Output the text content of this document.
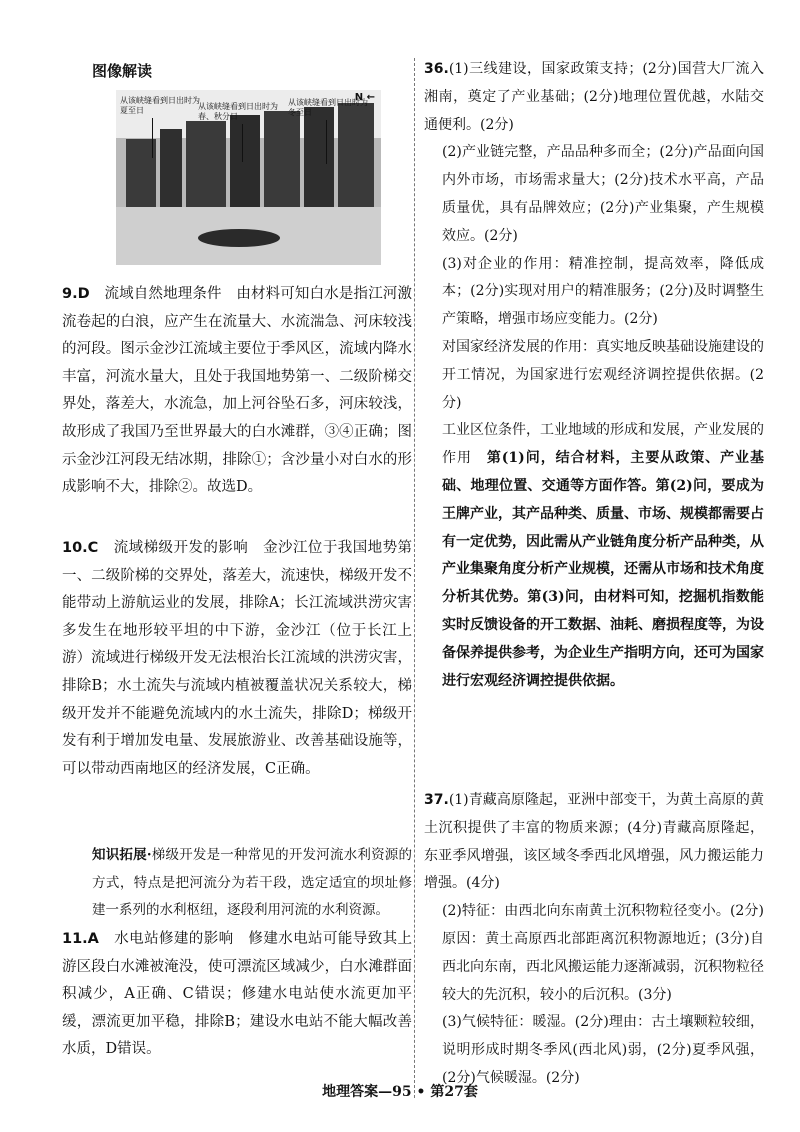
图像解读
从该峡缝看到日出时为夏至日	从该峡缝看到日出时为春、秋分日
从该峡缝看到日出时为冬至日
N ←
9.D　 流域自然地理条件　由材料可知白水是指江河激流卷起的白浪，应产生在流量大、水流湍急、河床较浅的河段。图示金沙江流域主要位于季风区，流域内降水丰富，河流水量大，且处于我国地势第一、二级阶梯交界处，落差大，水流急，加上河谷坠石多，河床较浅，故形成了我国乃至世界最大的白水滩群，③④正确；图示金沙江河段无结冰期，排除①；含沙量小对白水的形成影响不大，排除②。故选D。
10.C　 流域梯级开发的影响　金沙江位于我国地势第一、二级阶梯的交界处，落差大，流速快，梯级开发不能带动上游航运业的发展，排除A；长江流域洪涝灾害多发生在地形较平坦的中下游，金沙江（位于长江上游）流域进行梯级开发无法根治长江流域的洪涝灾害，排除B；水土流失与流域内植被覆盖状况关系较大，梯级开发并不能避免流域内的水土流失，排除D；梯级开发有利于增加发电量、发展旅游业、改善基础设施等，可以带动西南地区的经济发展，C正确。
知识拓展·梯级开发是一种常见的开发河流水利资源的方式，特点是把河流分为若干段，选定适宜的坝址修建一系列的水利枢纽，逐段利用河流的水利资源。
11.A　 水电站修建的影响　修建水电站可能导致其上游区段白水滩被淹没，使可漂流区域减少，白水滩群面积减少，A正确、C错误；修建水电站使水流更加平缓，漂流更加平稳，排除B；建设水电站不能大幅改善水质，D错误。
36.(1)三线建设，国家政策支持；(2分)国营大厂流入湘南，奠定了产业基础；(2分)地理位置优越，水陆交通便利。(2分)
(2)产业链完整，产品品种多而全；(2分)产品面向国内外市场，市场需求量大；(2分)技术水平高，产品质量优，具有品牌效应；(2分)产业集聚，产生规模效应。(2分)
(3)对企业的作用：精准控制，提高效率，降低成本；(2分)实现对用户的精准服务；(2分)及时调整生产策略，增强市场应变能力。(2分)
对国家经济发展的作用：真实地反映基础设施建设的开工情况，为国家进行宏观经济调控提供依据。(2分)
工业区位条件，工业地域的形成和发展，产业发展的作用　第(1)问，结合材料，主要从政策、产业基础、地理位置、交通等方面作答。第(2)问，要成为王牌产业，其产品种类、质量、市场、规模都需要占有一定优势，因此需从产业链角度分析产品种类，从产业集聚角度分析产业规模，还需从市场和技术角度分析其优势。第(3)问，由材料可知，挖掘机指数能实时反馈设备的开工数据、油耗、磨损程度等，为设备保养提供参考，为企业生产指明方向，还可为国家进行宏观经济调控提供依据。
37.(1)青藏高原隆起，亚洲中部变干，为黄土高原的黄土沉积提供了丰富的物质来源；(4分)青藏高原隆起，东亚季风增强，该区域冬季西北风增强，风力搬运能力增强。(4分)
(2)特征：由西北向东南黄土沉积物粒径变小。(2分)原因：黄土高原西北部距离沉积物源地近；(3分)自西北向东南，西北风搬运能力逐渐减弱，沉积物粒径较大的先沉积，较小的后沉积。(3分)
(3)气候特征：暖湿。(2分)理由：古土壤颗粒较细，说明形成时期冬季风(西北风)弱，(2分)夏季风强，(2分)气候暖湿。(2分)
地理答案—95 • 第27套
